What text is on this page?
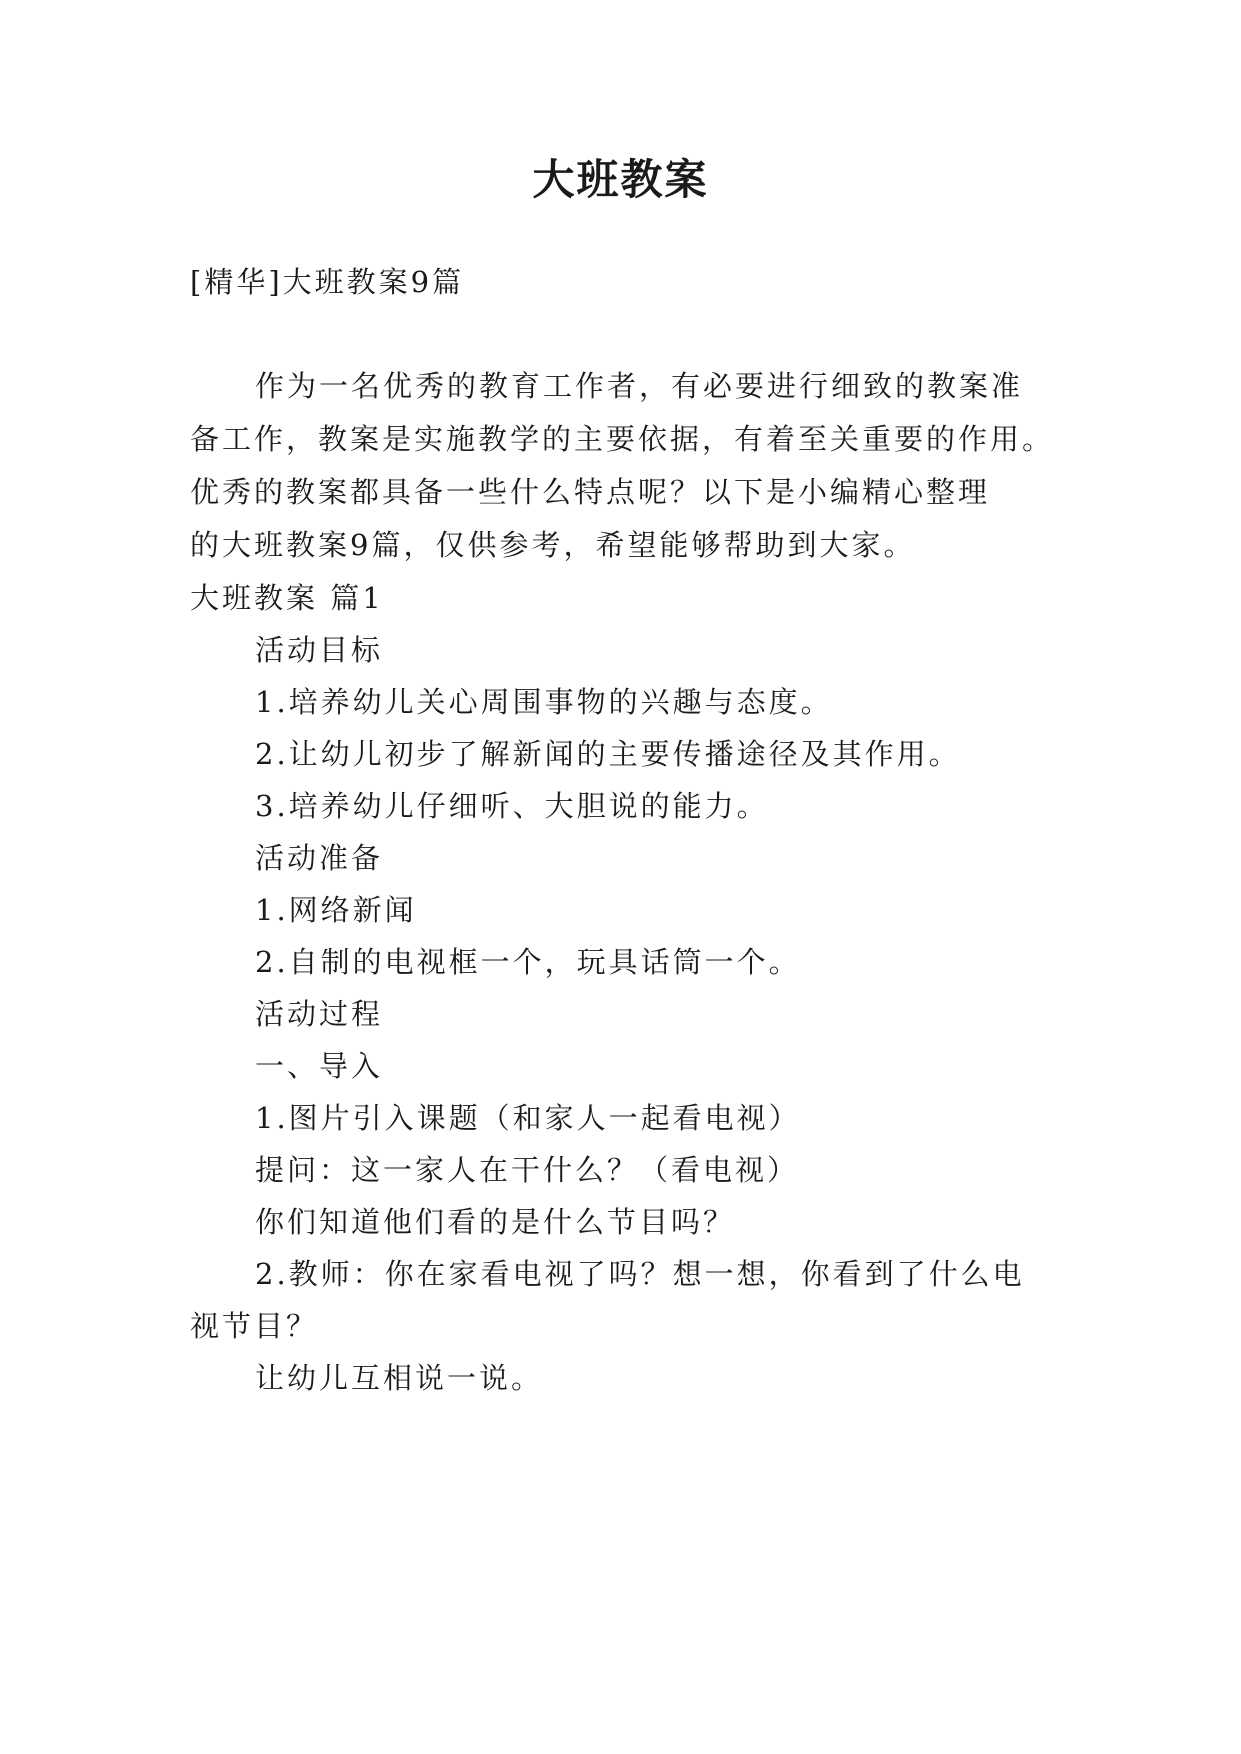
大班教案
[精华]大班教案9篇
作为一名优秀的教育工作者，有必要进行细致的教案准
备工作，教案是实施教学的主要依据，有着至关重要的作用。
优秀的教案都具备一些什么特点呢？以下是小编精心整理
的大班教案9篇，仅供参考，希望能够帮助到大家。
大班教案 篇1
活动目标
1.培养幼儿关心周围事物的兴趣与态度。
2.让幼儿初步了解新闻的主要传播途径及其作用。
3.培养幼儿仔细听、大胆说的能力。
活动准备
1.网络新闻
2.自制的电视框一个，玩具话筒一个。
活动过程
一、导入
1.图片引入课题（和家人一起看电视）
提问：这一家人在干什么？（看电视）
你们知道他们看的是什么节目吗？
2.教师：你在家看电视了吗？想一想，你看到了什么电
视节目？
让幼儿互相说一说。
